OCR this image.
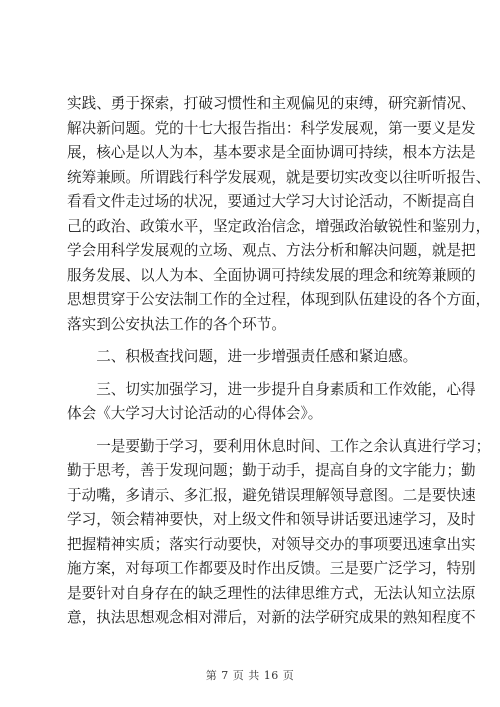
实践、勇于探索，打破习惯性和主观偏见的束缚，研究新情况、
解决新问题。党的十七大报告指出：科学发展观，第一要义是发
展，核心是以人为本，基本要求是全面协调可持续，根本方法是
统筹兼顾。所谓践行科学发展观，就是要切实改变以往听听报告、
看看文件走过场的状况，要通过大学习大讨论活动，不断提高自
己的政治、政策水平，坚定政治信念，增强政治敏锐性和鉴别力，
学会用科学发展观的立场、观点、方法分析和解决问题，就是把
服务发展、以人为本、全面协调可持续发展的理念和统筹兼顾的
思想贯穿于公安法制工作的全过程，体现到队伍建设的各个方面，
落实到公安执法工作的各个环节。

　　二、积极查找问题，进一步增强责任感和紧迫感。

　　三、切实加强学习，进一步提升自身素质和工作效能，心得
体会《大学习大讨论活动的心得体会》。

　　一是要勤于学习，要利用休息时间、工作之余认真进行学习；
勤于思考，善于发现问题；勤于动手，提高自身的文字能力；勤
于动嘴，多请示、多汇报，避免错误理解领导意图。二是要快速
学习，领会精神要快，对上级文件和领导讲话要迅速学习，及时
把握精神实质；落实行动要快，对领导交办的事项要迅速拿出实
施方案，对每项工作都要及时作出反馈。三是要广泛学习，特别
是要针对自身存在的缺乏理性的法律思维方式，无法认知立法原
意，执法思想观念相对滞后，对新的法学研究成果的熟知程度不

第 7 页 共 16 页
